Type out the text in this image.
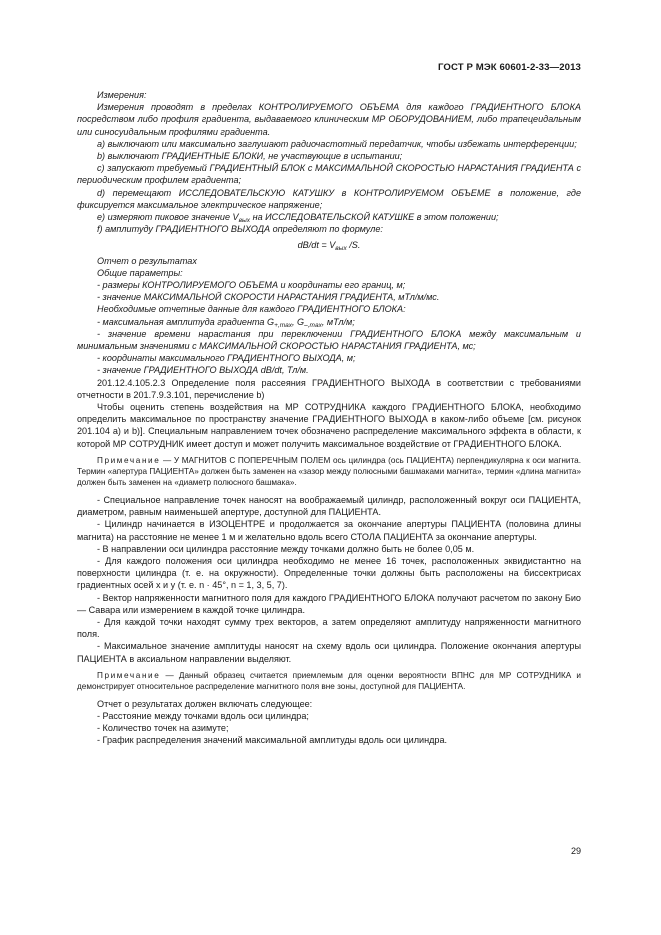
ГОСТ Р МЭК 60601-2-33—2013

Измерения:

Измерения проводят в пределах КОНТРОЛИРУЕМОГО ОБЪЕМА для каждого ГРАДИЕНТНОГО БЛОКА посредством либо профиля градиента, выдаваемого клиническим МР ОБОРУДОВАНИЕМ, либо трапецеидальным или синосуидальным профилями градиента.

а) выключают или максимально заглушают радиочастотный передатчик, чтобы избежать интерференции;

b) выключают ГРАДИЕНТНЫЕ БЛОКИ, не участвующие в испытании;

c) запускают требуемый ГРАДИЕНТНЫЙ БЛОК с МАКСИМАЛЬНОЙ СКОРОСТЬЮ НАРАСТАНИЯ ГРАДИЕНТА с периодическим профилем градиента;

d) перемещают ИССЛЕДОВАТЕЛЬСКУЮ КАТУШКУ в КОНТРОЛИРУЕМОМ ОБЪЕМЕ в положение, где фиксируется максимальное электрическое напряжение;

е) измеряют пиковое значение $V_{вых}$ на ИССЛЕДОВАТЕЛЬСКОЙ КАТУШКЕ в этом положении;

f) амплитуду ГРАДИЕНТНОГО ВЫХОДА определяют по формуле:

$dB/dt = V_{вых}$ /S.

Отчет о результатах

Общие параметры:

- размеры КОНТРОЛИРУЕМОГО ОБЪЕМА и координаты его границ, м;

- значение МАКСИМАЛЬНОЙ СКОРОСТИ НАРАСТАНИЯ ГРАДИЕНТА, мТл/м/мс.

Необходимые отчетные данные для каждого ГРАДИЕНТНОГО БЛОКА:

- максимальная амплитуда градиента $G_{+,max}$, $G_{-,max}$, мТл/м;

- значение времени нарастания при переключении ГРАДИЕНТНОГО БЛОКА между максимальным и минимальным значениями с МАКСИМАЛЬНОЙ СКОРОСТЬЮ НАРАСТАНИЯ ГРАДИЕНТА, мс;

- координаты максимального ГРАДИЕНТНОГО ВЫХОДА, м;

- значение ГРАДИЕНТНОГО ВЫХОДА dB/dt, Тл/м.

201.12.4.105.2.3 Определение поля рассеяния ГРАДИЕНТНОГО ВЫХОДА в соответствии с требованиями отчетности в 201.7.9.3.101, перечисление b)

Чтобы оценить степень воздействия на МР СОТРУДНИКА каждого ГРАДИЕНТНОГО БЛОКА, необходимо определить максимальное по пространству значение ГРАДИЕНТНОГО ВЫХОДА в каком-либо объеме [см. рисунок 201.104 а) и b)]. Специальным направлением точек обозначено распределение максимального эффекта в области, к которой МР СОТРУДНИК имеет доступ и может получить максимальное воздействие от ГРАДИЕНТНОГО БЛОКА.

Примечание — У МАГНИТОВ С ПОПЕРЕЧНЫМ ПОЛЕМ ось цилиндра (ось ПАЦИЕНТА) перпендикулярна к оси магнита. Термин «апертура ПАЦИЕНТА» должен быть заменен на «зазор между полюсными башмаками магнита», термин «длина магнита» должен быть заменен на «диаметр полюсного башмака».

- Специальное направление точек наносят на воображаемый цилиндр, расположенный вокруг оси ПАЦИЕНТА, диаметром, равным наименьшей апертуре, доступной для ПАЦИЕНТА.

- Цилиндр начинается в ИЗОЦЕНТРЕ и продолжается за окончание апертуры ПАЦИЕНТА (половина длины магнита) на расстояние не менее 1 м и желательно вдоль всего СТОЛА ПАЦИЕНТА за окончание апертуры.

- В направлении оси цилиндра расстояние между точками должно быть не более 0,05 м.

- Для каждого положения оси цилиндра необходимо не менее 16 точек, расположенных эквидистантно на поверхности цилиндра (т. е. на окружности). Определенные точки должны быть расположены на биссектрисах градиентных осей x и y (т. е. n · 45°, n = 1, 3, 5, 7).

- Вектор напряженности магнитного поля для каждого ГРАДИЕНТНОГО БЛОКА получают расчетом по закону Био — Савара или измерением в каждой точке цилиндра.

- Для каждой точки находят сумму трех векторов, а затем определяют амплитуду напряженности магнитного поля.

- Максимальное значение амплитуды наносят на схему вдоль оси цилиндра. Положение окончания апертуры ПАЦИЕНТА в аксиальном направлении выделяют.

Примечание — Данный образец считается приемлемым для оценки вероятности ВПНС для МР СОТРУДНИКА и демонстрирует относительное распределение магнитного поля вне зоны, доступной для ПАЦИЕНТА.

Отчет о результатах должен включать следующее:

- Расстояние между точками вдоль оси цилиндра;

- Количество точек на азимуте;

- График распределения значений максимальной амплитуды вдоль оси цилиндра.

29
